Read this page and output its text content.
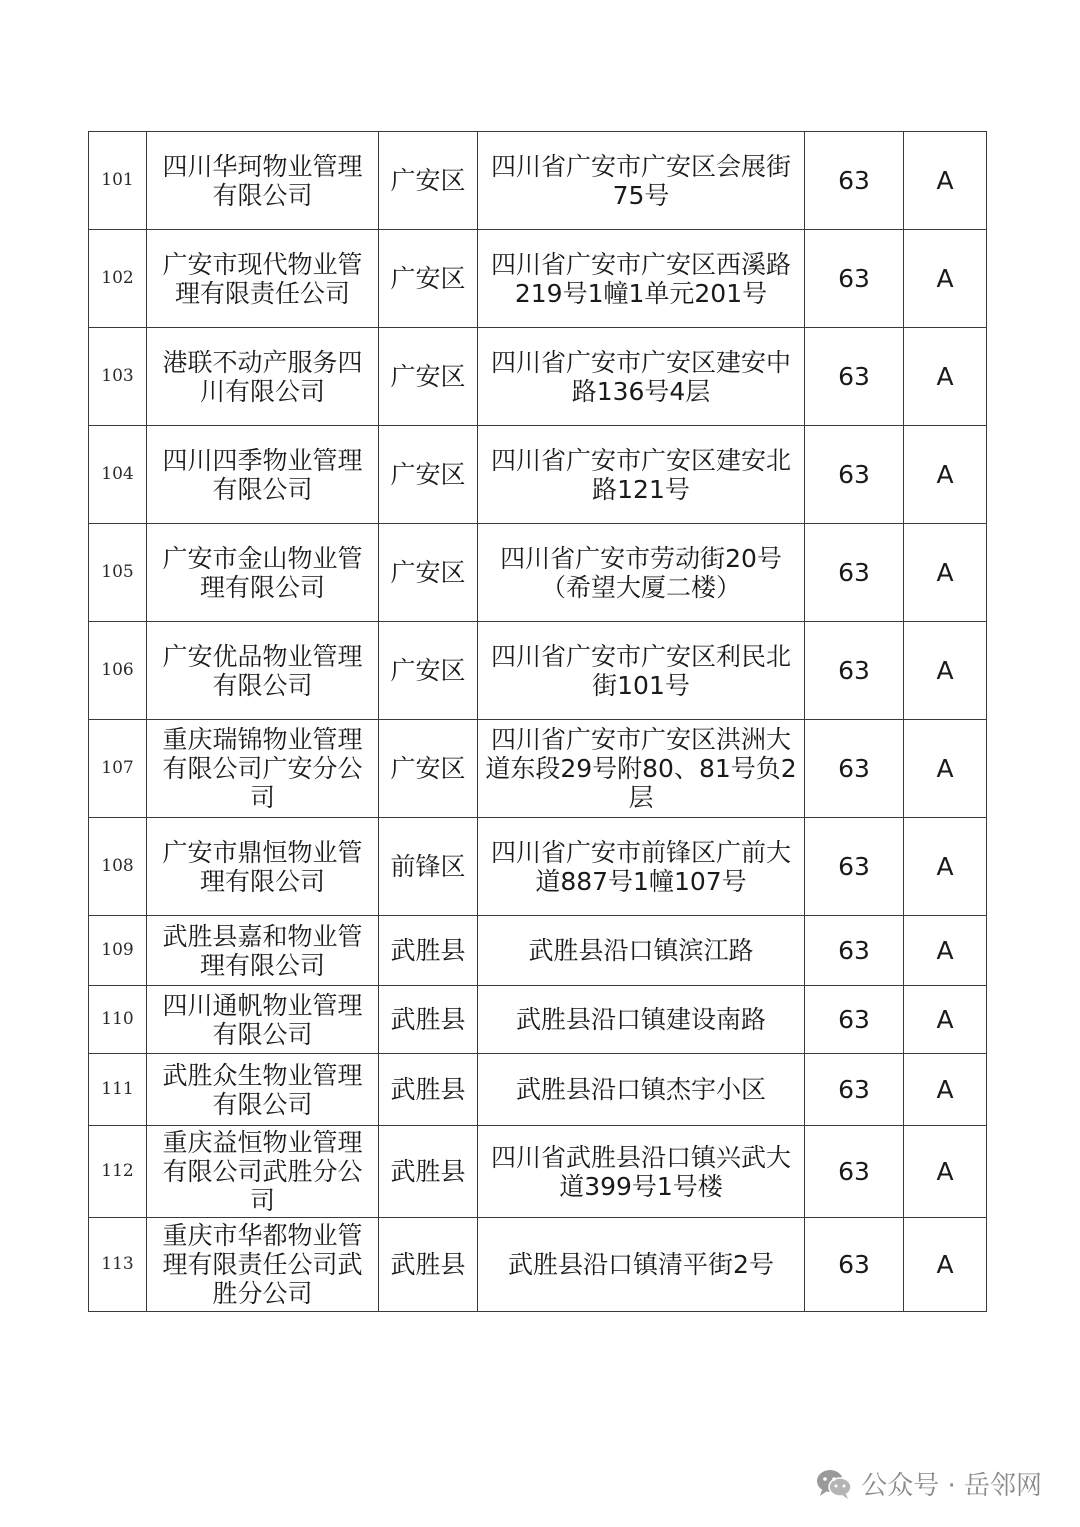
101	四川华珂物业管理有限公司	广安区	四川省广安市广安区会展街75号	63	A
102	广安市现代物业管理有限责任公司	广安区	四川省广安市广安区西溪路219号1幢1单元201号	63	A
103	港联不动产服务四川有限公司	广安区	四川省广安市广安区建安中路136号4层	63	A
104	四川四季物业管理有限公司	广安区	四川省广安市广安区建安北路121号	63	A
105	广安市金山物业管理有限公司	广安区	四川省广安市劳动街20号（希望大厦二楼）	63	A
106	广安优品物业管理有限公司	广安区	四川省广安市广安区利民北街101号	63	A
107	重庆瑞锦物业管理有限公司广安分公司	广安区	四川省广安市广安区洪洲大道东段29号附80、81号负2层	63	A
108	广安市鼎恒物业管理有限公司	前锋区	四川省广安市前锋区广前大道887号1幢107号	63	A
109	武胜县嘉和物业管理有限公司	武胜县	武胜县沿口镇滨江路	63	A
110	四川通帆物业管理有限公司	武胜县	武胜县沿口镇建设南路	63	A
111	武胜众生物业管理有限公司	武胜县	武胜县沿口镇杰宇小区	63	A
112	重庆益恒物业管理有限公司武胜分公司	武胜县	四川省武胜县沿口镇兴武大道399号1号楼	63	A
113	重庆市华都物业管理有限责任公司武胜分公司	武胜县	武胜县沿口镇清平街2号	63	A
公众号 · 岳邻网
